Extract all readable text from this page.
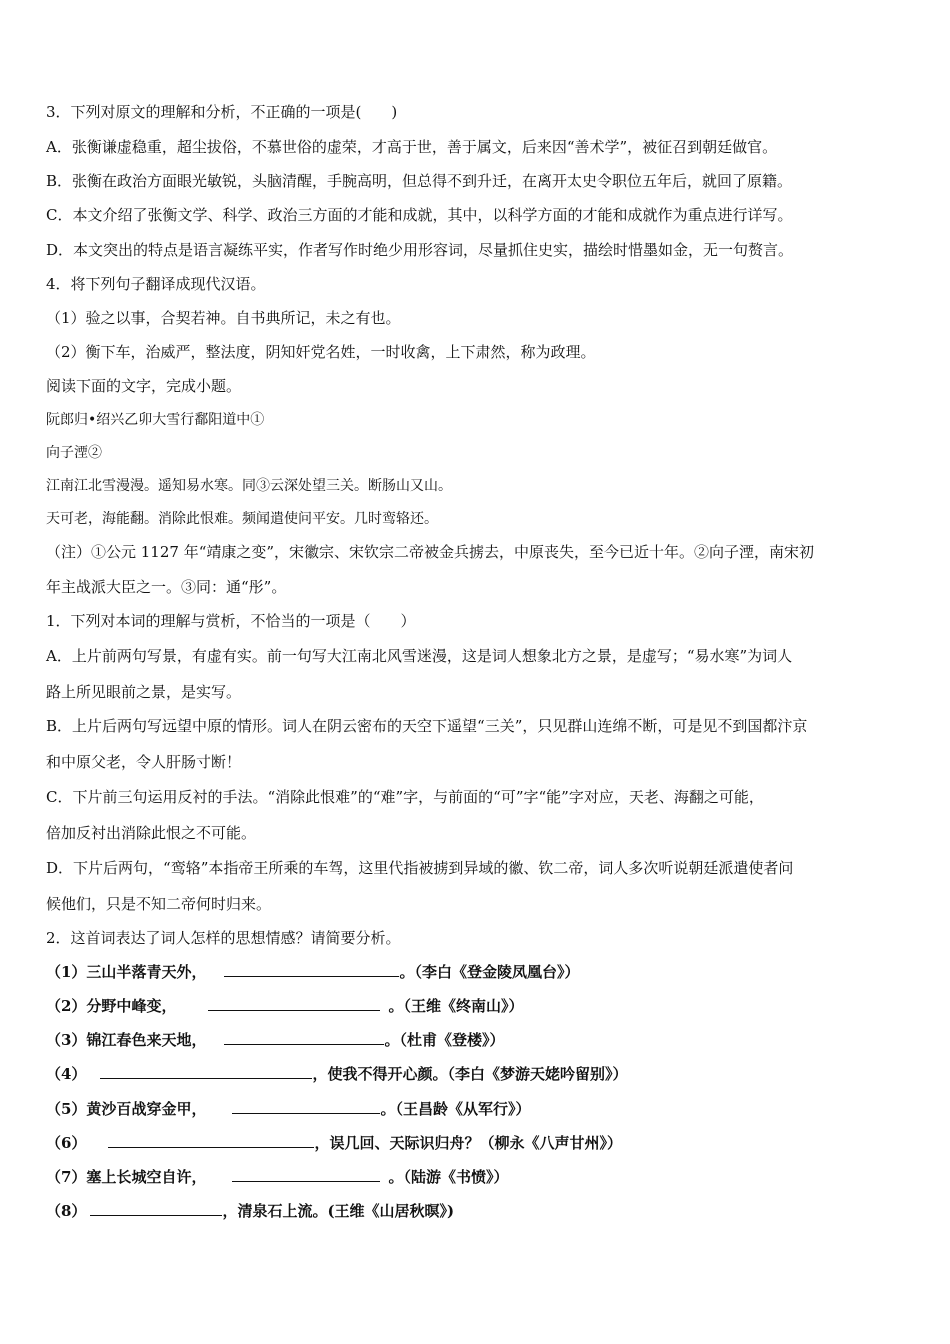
3．下列对原文的理解和分析，不正确的一项是(　　)
A．张衡谦虚稳重，超尘拔俗，不慕世俗的虚荣，才高于世，善于属文，后来因“善术学”，被征召到朝廷做官。
B．张衡在政治方面眼光敏锐，头脑清醒，手腕高明，但总得不到升迁，在离开太史令职位五年后，就回了原籍。
C．本文介绍了张衡文学、科学、政治三方面的才能和成就，其中，以科学方面的才能和成就作为重点进行详写。
D．本文突出的特点是语言凝练平实，作者写作时绝少用形容词，尽量抓住史实，描绘时惜墨如金，无一句赘言。
4．将下列句子翻译成现代汉语。
（1）验之以事，合契若神。自书典所记，未之有也。
（2）衡下车，治威严，整法度，阴知奸党名姓，一时收禽，上下肃然，称为政理。
阅读下面的文字，完成小题。
阮郎归•绍兴乙卯大雪行鄱阳道中①
向子湮②
江南江北雪漫漫。遥知易水寒。同③云深处望三关。断肠山又山。
天可老，海能翻。消除此恨难。频闻遣使问平安。几时鸾辂还。
（注）①公元 1127 年“靖康之变”，宋徽宗、宋钦宗二帝被金兵掳去，中原丧失，至今已近十年。②向子湮，南宋初
年主战派大臣之一。③同：通“彤”。
1．下列对本词的理解与赏析，不恰当的一项是（　　）
A．上片前两句写景，有虚有实。前一句写大江南北风雪迷漫，这是词人想象北方之景，是虚写；“易水寒”为词人
路上所见眼前之景，是实写。
B．上片后两句写远望中原的情形。词人在阴云密布的天空下遥望“三关”，只见群山连绵不断，可是见不到国都汴京
和中原父老，令人肝肠寸断！
C．下片前三句运用反衬的手法。“消除此恨难”的“难”字，与前面的“可”字“能”字对应，天老、海翻之可能，
倍加反衬出消除此恨之不可能。
D．下片后两句，“鸾辂”本指帝王所乘的车驾，这里代指被掳到异域的徽、钦二帝，词人多次听说朝廷派遣使者问
候他们，只是不知二帝何时归来。
2．这首词表达了词人怎样的思想情感？请简要分析。
（1）三山半落青天外，	。（李白《登金陵凤凰台》）
（2）分野中峰变，	。（王维《终南山》）
（3）锦江春色来天地，	。（杜甫《登楼》）
（4）	，使我不得开心颜。（李白《梦游天姥吟留别》）
（5）黄沙百战穿金甲，	。（王昌龄《从军行》）
（6）	，误几回、天际识归舟？（柳永《八声甘州》）
（7）塞上长城空自许，	。（陆游《书愤》）
（8）	，清泉石上流。(王维《山居秋暝》)
